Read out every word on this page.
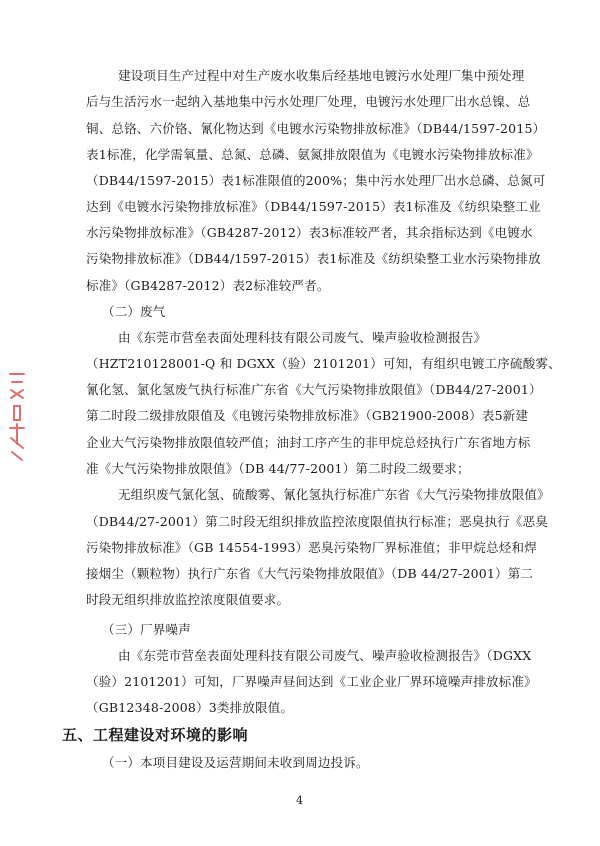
建设项目生产过程中对生产废水收集后经基地电镀污水处理厂集中预处理
后与生活污水一起纳入基地集中污水处理厂处理，电镀污水处理厂出水总镍、总
铜、总铬、六价铬、氰化物达到《电镀水污染物排放标准》（DB44/1597-2015）
表1标准，化学需氧量、总氮、总磷、氨氮排放限值为《电镀水污染物排放标准》
（DB44/1597-2015）表1标准限值的200%；集中污水处理厂出水总磷、总氮可
达到《电镀水污染物排放标准》（DB44/1597-2015）表1标准及《纺织染整工业
水污染物排放标准》（GB4287-2012）表3标准较严者，其余指标达到《电镀水
污染物排放标准》（DB44/1597-2015）表1标准及《纺织染整工业水污染物排放
标准》（GB4287-2012）表2标准较严者。
（二）废气
由《东莞市营垒表面处理科技有限公司废气、噪声验收检测报告》
（HZT210128001-Q 和 DGXX（验）2101201）可知，有组织电镀工序硫酸雾、
氰化氢、氯化氢废气执行标准广东省《大气污染物排放限值》（DB44/27-2001）
第二时段二级排放限值及《电镀污染物排放标准》（GB21900-2008）表5新建
企业大气污染物排放限值较严值；油封工序产生的非甲烷总烃执行广东省地方标
准《大气污染物排放限值》（DB 44/77-2001）第二时段二级要求；
无组织废气氯化氢、硫酸雾、氰化氢执行标准广东省《大气污染物排放限值》
（DB44/27-2001）第二时段无组织排放监控浓度限值执行标准；恶臭执行《恶臭
污染物排放标准》（GB 14554-1993）恶臭污染物厂界标准值；非甲烷总烃和焊
接烟尘（颗粒物）执行广东省《大气污染物排放限值》（DB 44/27-2001）第二
时段无组织排放监控浓度限值要求。
（三）厂界噪声
由《东莞市营垒表面处理科技有限公司废气、噪声验收检测报告》（DGXX
（验）2101201）可知，厂界噪声昼间达到《工业企业厂界环境噪声排放标准》
（GB12348-2008）3类排放限值。
五、工程建设对环境的影响
（一）本项目建设及运营期间未收到周边投诉。
4
